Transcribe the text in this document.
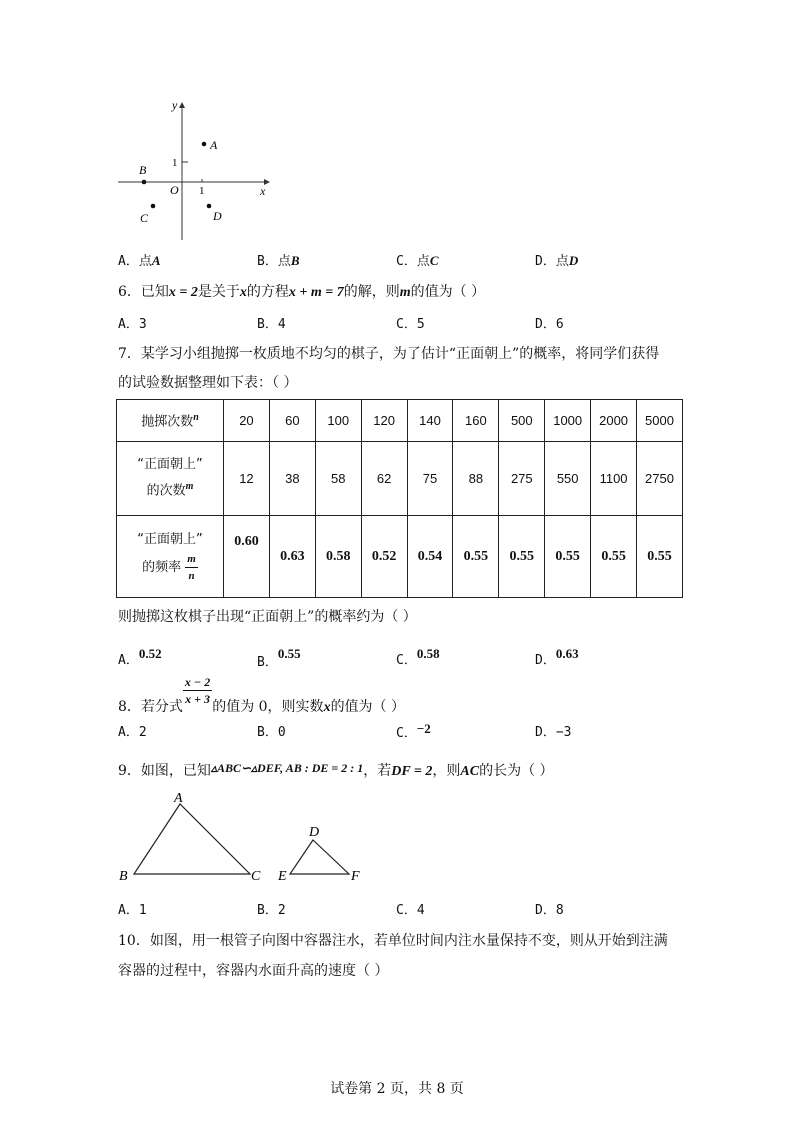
y
x
O 1
1
A
B
C	D
A．点A	B．点B	C．点C	D．点D
6．已知x = 2是关于x的方程x + m = 7的解，则m的值为（ ）
A．3	B．4	C．5	D．6
7．某学习小组抛掷一枚质地不均匀的棋子，为了估计“正面朝上”的概率，将同学们获得
的试验数据整理如下表：（ ）
抛掷次数$^n$	20	60	100	120	140	160	500	1000	2000	5000
“正面朝上”
的次数$^m$	12	38	58	62	75	88	275	550	1100	2750
“正面朝上”
的频率 $\frac{m}{n}$	0.60	0.63	0.58	0.52	0.54	0.55	0.55	0.55	0.55	0.55
则抛掷这枚棋子出现“正面朝上”的概率约为（ ）
A．0.52
B．0.55	C．0.58	D．0.63
8．若分式 $\frac{x - 2}{x + 3}$ 的值为 0，则实数x的值为（ ）
A．2	B．0	C．−2	D．−3
9．如图，已知▵ABC∽▵DEF, AB : DE = 2 : 1，若DF = 2，则AC的长为（ ）
A
B	C
D
E	F
A．1	B．2	C．4	D．8
10．如图，用一根管子向图中容器注水，若单位时间内注水量保持不变，则从开始到注满
容器的过程中，容器内水面升高的速度（ ）
试卷第 2 页，共 8 页
